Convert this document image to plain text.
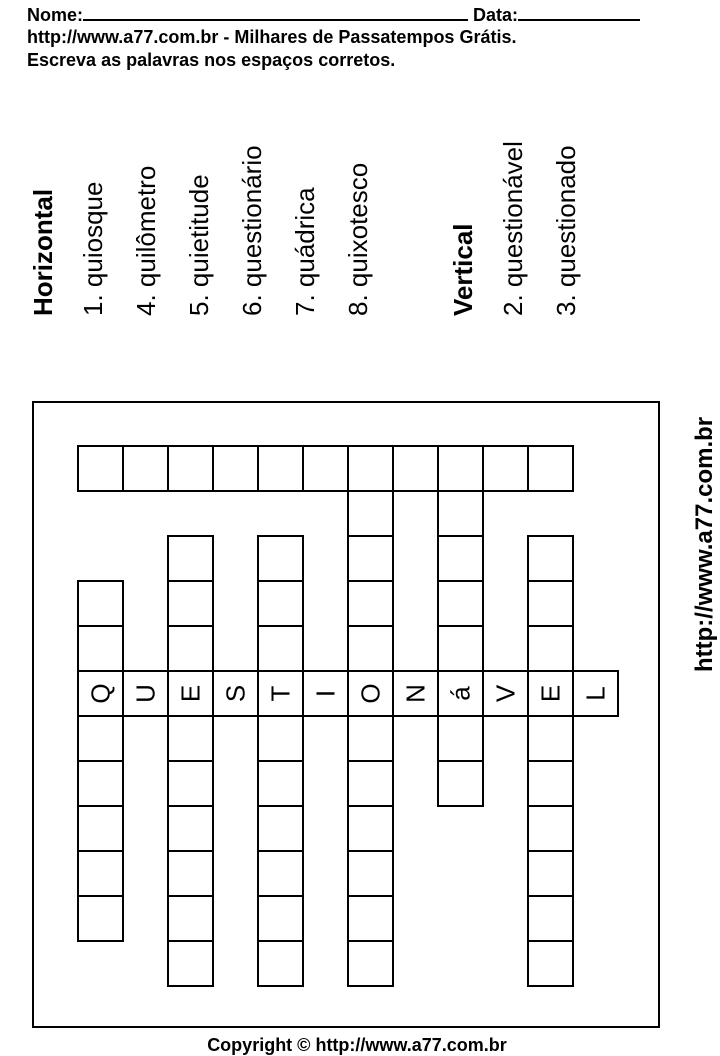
Nome:	Data:
http://www.a77.com.br - Milhares de Passatempos Grátis.
Escreva as palavras nos espaços corretos.
Horizontal 1. quiosque 4. quilômetro 5. quietitude 6. questionário 7. quádrica 8. quixotesco	Vertical 2. questionável 3. questionado
Q U E S T I O N á V E L
http://www.a77.com.br
Copyright © http://www.a77.com.br
